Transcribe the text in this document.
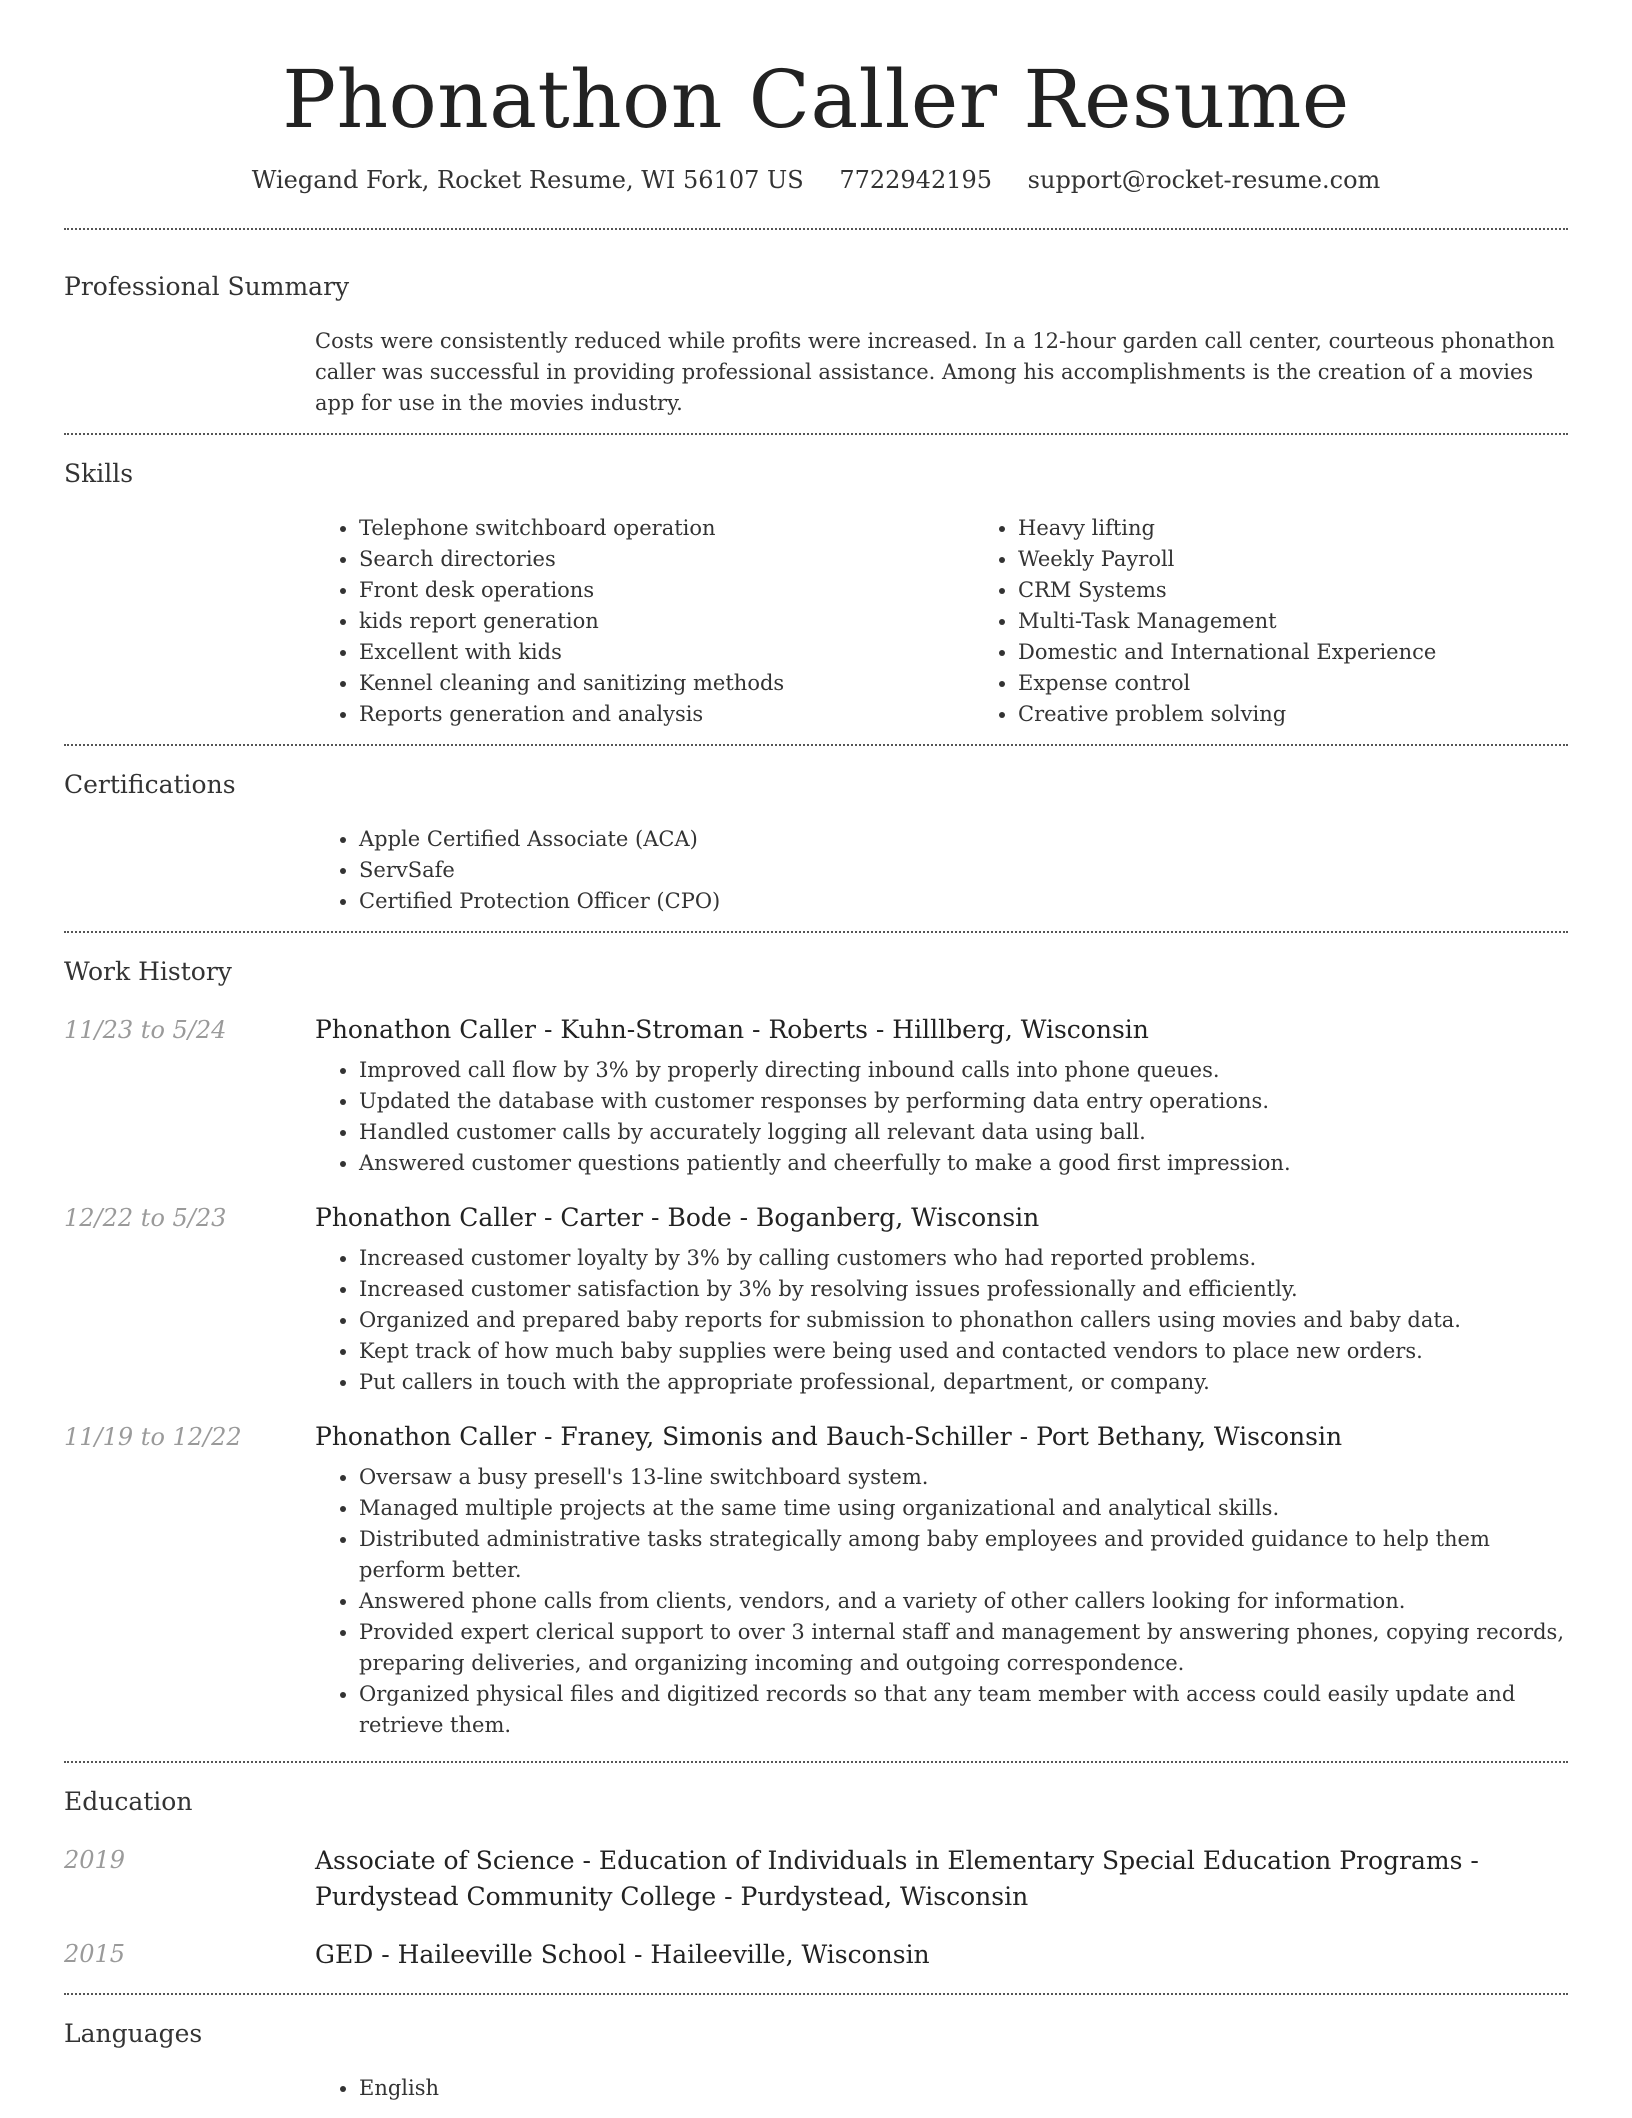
Phonathon Caller Resume
Wiegand Fork, Rocket Resume, WI 56107 US 7722942195 support@rocket-resume.com
Professional Summary

Costs were consistently reduced while profits were increased. In a 12-hour garden call center, courteous phonathon caller was successful in providing professional assistance. Among his accomplishments is the creation of a movies app for use in the movies industry.

Skills
• Telephone switchboard operation
• Search directories
• Front desk operations
• kids report generation
• Excellent with kids
• Kennel cleaning and sanitizing methods
• Reports generation and analysis
• Heavy lifting
• Weekly Payroll
• CRM Systems
• Multi-Task Management
• Domestic and International Experience
• Expense control
• Creative problem solving
Certifications
• Apple Certified Associate (ACA)
• ServSafe
• Certified Protection Officer (CPO)
Work History
11/23 to 5/24	Phonathon Caller - Kuhn-Stroman - Roberts - Hilllberg, Wisconsin
• Improved call flow by 3% by properly directing inbound calls into phone queues.
• Updated the database with customer responses by performing data entry operations.
• Handled customer calls by accurately logging all relevant data using ball.
• Answered customer questions patiently and cheerfully to make a good first impression.
12/22 to 5/23	Phonathon Caller - Carter - Bode - Boganberg, Wisconsin
• Increased customer loyalty by 3% by calling customers who had reported problems.
• Increased customer satisfaction by 3% by resolving issues professionally and efficiently.
• Organized and prepared baby reports for submission to phonathon callers using movies and baby data.
• Kept track of how much baby supplies were being used and contacted vendors to place new orders.
• Put callers in touch with the appropriate professional, department, or company.
11/19 to 12/22	Phonathon Caller - Franey, Simonis and Bauch-Schiller - Port Bethany, Wisconsin
• Oversaw a busy presell's 13-line switchboard system.
• Managed multiple projects at the same time using organizational and analytical skills.
• Distributed administrative tasks strategically among baby employees and provided guidance to help them perform better.
• Answered phone calls from clients, vendors, and a variety of other callers looking for information.
• Provided expert clerical support to over 3 internal staff and management by answering phones, copying records, preparing deliveries, and organizing incoming and outgoing correspondence.
• Organized physical files and digitized records so that any team member with access could easily update and retrieve them.
Education
2019	Associate of Science - Education of Individuals in Elementary Special Education Programs - Purdystead Community College - Purdystead, Wisconsin
2015	GED - Haileeville School - Haileeville, Wisconsin
Languages
• English
